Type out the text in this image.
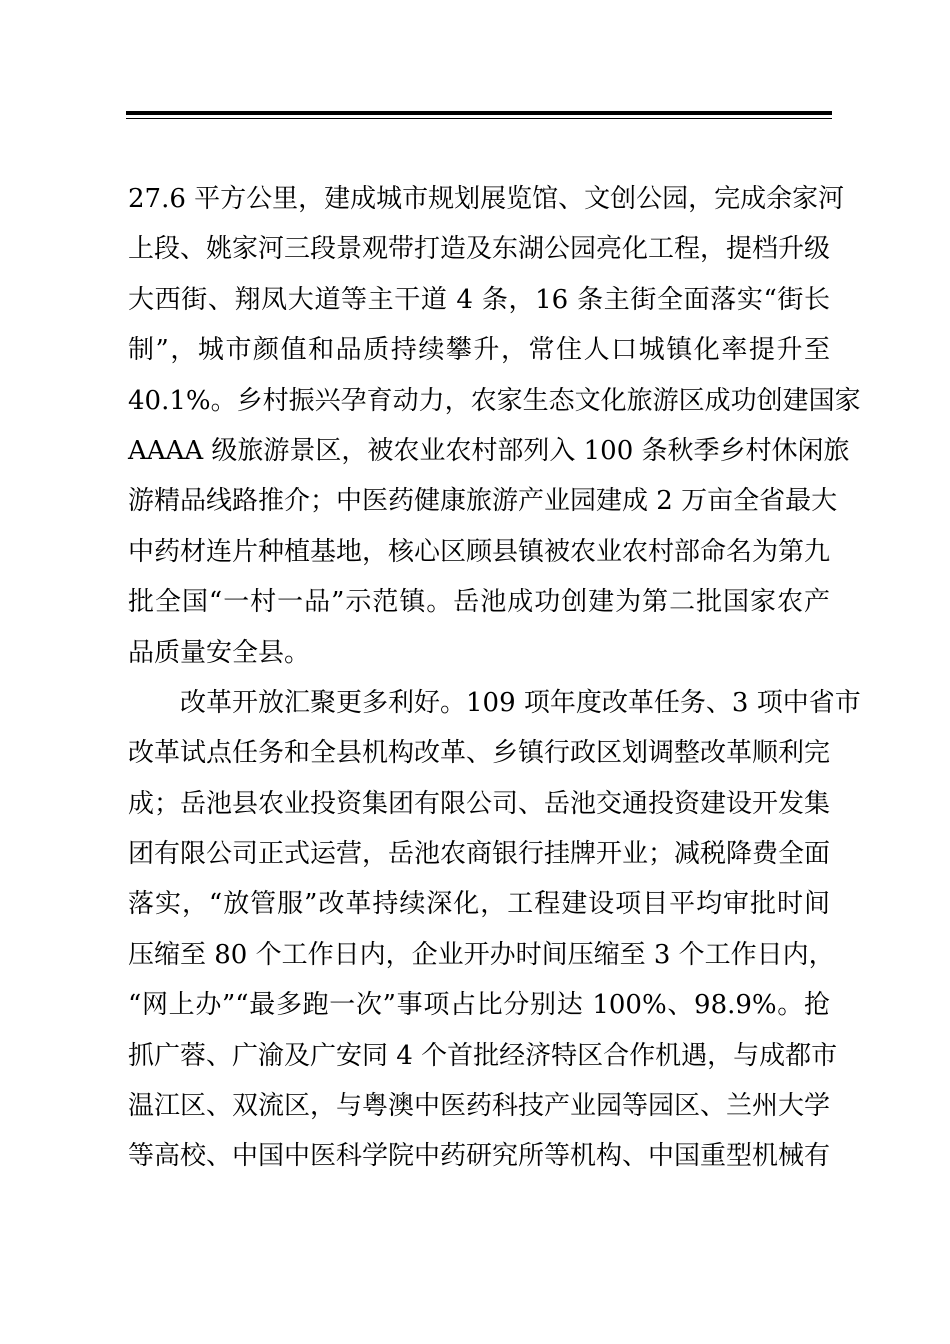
27.6 平方公里，建成城市规划展览馆、文创公园，完成余家河
上段、姚家河三段景观带打造及东湖公园亮化工程，提档升级
大西街、翔凤大道等主干道 4 条，16 条主街全面落实“街长
制”，城市颜值和品质持续攀升，常住人口城镇化率提升至
40.1%。乡村振兴孕育动力，农家生态文化旅游区成功创建国家
AAAA 级旅游景区，被农业农村部列入 100 条秋季乡村休闲旅
游精品线路推介；中医药健康旅游产业园建成 2 万亩全省最大
中药材连片种植基地，核心区顾县镇被农业农村部命名为第九
批全国“一村一品”示范镇。岳池成功创建为第二批国家农产
品质量安全县。
　　改革开放汇聚更多利好。109 项年度改革任务、3 项中省市
改革试点任务和全县机构改革、乡镇行政区划调整改革顺利完
成；岳池县农业投资集团有限公司、岳池交通投资建设开发集
团有限公司正式运营，岳池农商银行挂牌开业；减税降费全面
落实，“放管服”改革持续深化，工程建设项目平均审批时间
压缩至 80 个工作日内，企业开办时间压缩至 3 个工作日内，
“网上办”“最多跑一次”事项占比分别达 100%、98.9%。抢
抓广蓉、广渝及广安同 4 个首批经济特区合作机遇，与成都市
温江区、双流区，与粤澳中医药科技产业园等园区、兰州大学
等高校、中国中医科学院中药研究所等机构、中国重型机械有
